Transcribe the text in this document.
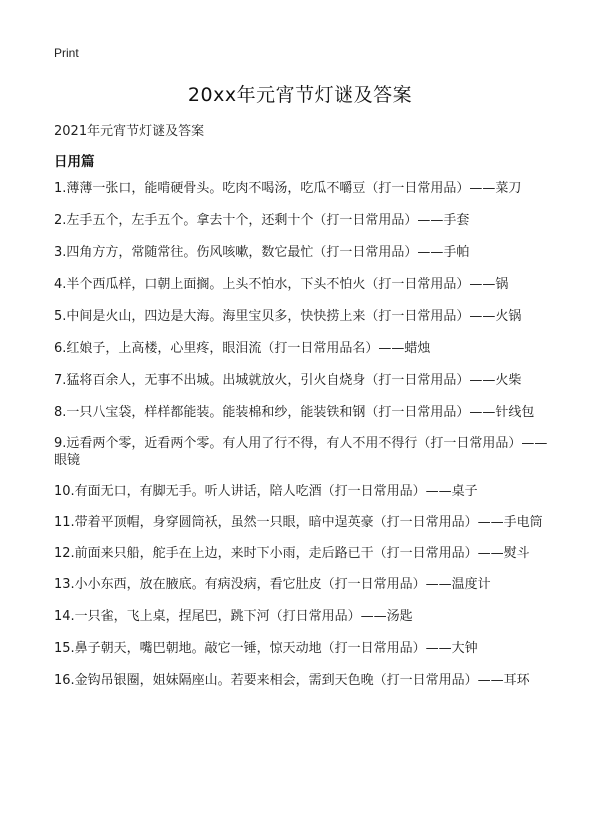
Print
20xx年元宵节灯谜及答案
2021年元宵节灯谜及答案
日用篇
1.薄薄一张口，能啃硬骨头。吃肉不喝汤，吃瓜不嚼豆（打一日常用品）——菜刀
2.左手五个，左手五个。拿去十个，还剩十个（打一日常用品）——手套
3.四角方方，常随常往。伤风咳嗽，数它最忙（打一日常用品）——手帕
4.半个西瓜样，口朝上面搁。上头不怕水，下头不怕火（打一日常用品）——锅
5.中间是火山，四边是大海。海里宝贝多，快快捞上来（打一日常用品）——火锅
6.红娘子，上高楼，心里疼，眼泪流（打一日常用品名）——蜡烛
7.猛将百余人，无事不出城。出城就放火，引火自烧身（打一日常用品）——火柴
8.一只八宝袋，样样都能装。能装棉和纱，能装铁和钢（打一日常用品）——针线包
9.远看两个零，近看两个零。有人用了行不得，有人不用不得行（打一日常用品）——眼镜
10.有面无口，有脚无手。听人讲话，陪人吃酒（打一日常用品）——桌子
11.带着平顶帽，身穿圆筒袄，虽然一只眼，暗中逞英豪（打一日常用品）——手电筒
12.前面来只船，舵手在上边，来时下小雨，走后路已干（打一日常用品）——熨斗
13.小小东西，放在腋底。有病没病，看它肚皮（打一日常用品）——温度计
14.一只雀，飞上桌，捏尾巴，跳下河（打日常用品）——汤匙
15.鼻子朝天，嘴巴朝地。敲它一锤，惊天动地（打一日常用品）——大钟
16.金钩吊银圈，姐妹隔座山。若要来相会，需到天色晚（打一日常用品）——耳环
